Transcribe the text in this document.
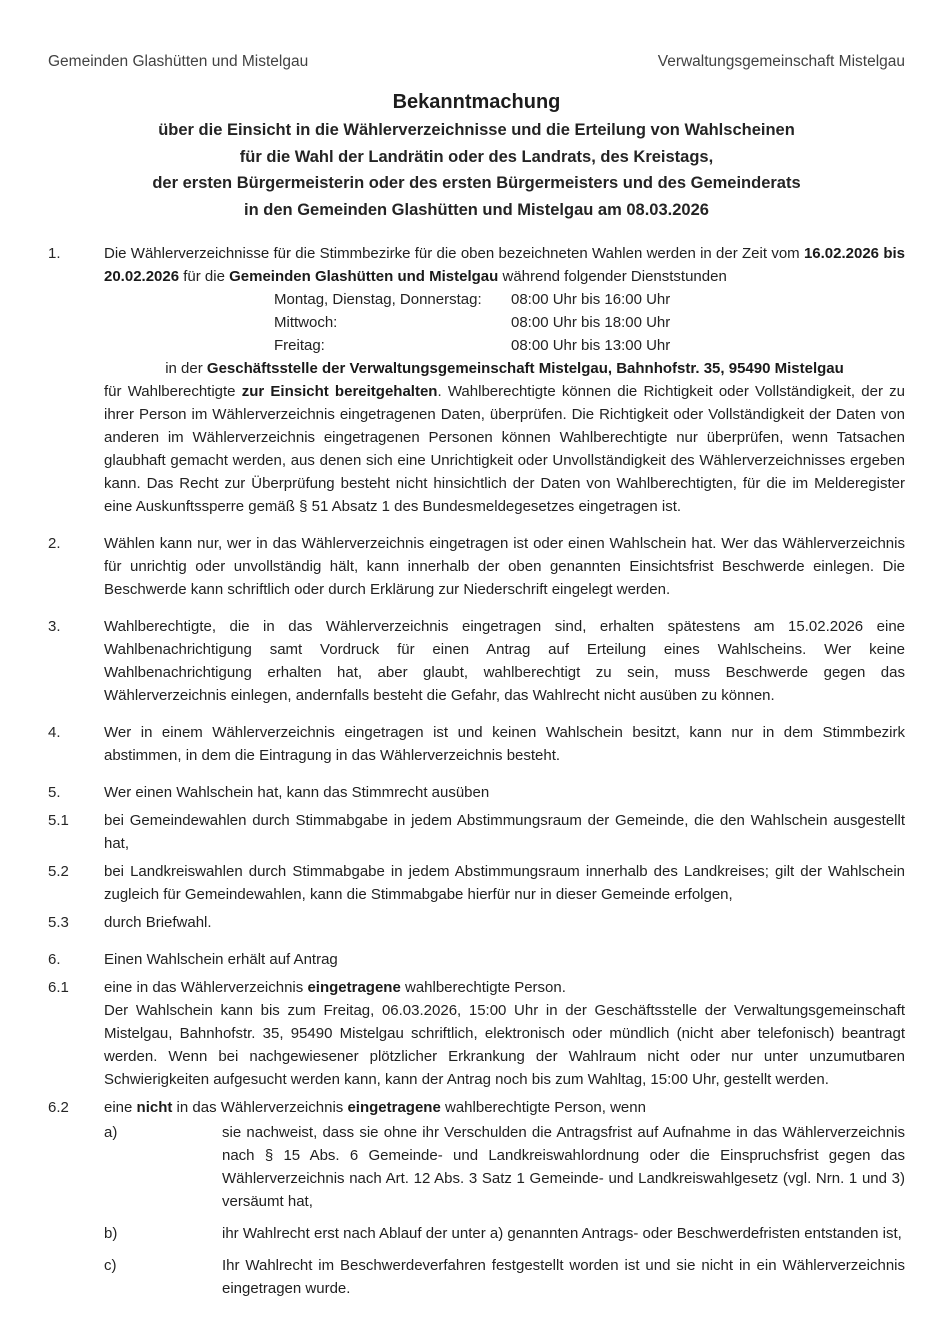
Gemeinden Glashütten und Mistelgau	Verwaltungsgemeinschaft Mistelgau
Bekanntmachung
über die Einsicht in die Wählerverzeichnisse und die Erteilung von Wahlscheinen
für die Wahl der Landrätin oder des Landrats, des Kreistags,
der ersten Bürgermeisterin oder des ersten Bürgermeisters und des Gemeinderats
in den Gemeinden Glashütten und Mistelgau am 08.03.2026
1.	Die Wählerverzeichnisse für die Stimmbezirke für die oben bezeichneten Wahlen werden in der Zeit vom 16.02.2026 bis 20.02.2026 für die Gemeinden Glashütten und Mistelgau während folgender Dienststunden
Montag, Dienstag, Donnerstag:	08:00 Uhr bis 16:00 Uhr
Mittwoch:	08:00 Uhr bis 18:00 Uhr
Freitag:	08:00 Uhr bis 13:00 Uhr
in der Geschäftsstelle der Verwaltungsgemeinschaft Mistelgau, Bahnhofstr. 35, 95490 Mistelgau
für Wahlberechtigte zur Einsicht bereitgehalten. Wahlberechtigte können die Richtigkeit oder Vollständigkeit, der zu ihrer Person im Wählerverzeichnis eingetragenen Daten, überprüfen. Die Richtigkeit oder Vollständigkeit der Daten von anderen im Wählerverzeichnis eingetragenen Personen können Wahlberechtigte nur überprüfen, wenn Tatsachen glaubhaft gemacht werden, aus denen sich eine Unrichtigkeit oder Unvollständigkeit des Wählerverzeichnisses ergeben kann. Das Recht zur Überprüfung besteht nicht hinsichtlich der Daten von Wahlberechtigten, für die im Melderegister eine Auskunftssperre gemäß § 51 Absatz 1 des Bundesmeldegesetzes eingetragen ist.
2.	Wählen kann nur, wer in das Wählerverzeichnis eingetragen ist oder einen Wahlschein hat. Wer das Wählerverzeichnis für unrichtig oder unvollständig hält, kann innerhalb der oben genannten Einsichtsfrist Beschwerde einlegen. Die Beschwerde kann schriftlich oder durch Erklärung zur Niederschrift eingelegt werden.
3.	Wahlberechtigte, die in das Wählerverzeichnis eingetragen sind, erhalten spätestens am 15.02.2026 eine Wahlbenachrichtigung samt Vordruck für einen Antrag auf Erteilung eines Wahlscheins. Wer keine Wahlbenachrichtigung erhalten hat, aber glaubt, wahlberechtigt zu sein, muss Beschwerde gegen das Wählerverzeichnis einlegen, andernfalls besteht die Gefahr, das Wahlrecht nicht ausüben zu können.
4.	Wer in einem Wählerverzeichnis eingetragen ist und keinen Wahlschein besitzt, kann nur in dem Stimmbezirk abstimmen, in dem die Eintragung in das Wählerverzeichnis besteht.
5.	Wer einen Wahlschein hat, kann das Stimmrecht ausüben
5.1	bei Gemeindewahlen durch Stimmabgabe in jedem Abstimmungsraum der Gemeinde, die den Wahlschein ausgestellt hat,
5.2	bei Landkreiswahlen durch Stimmabgabe in jedem Abstimmungsraum innerhalb des Landkreises; gilt der Wahlschein zugleich für Gemeindewahlen, kann die Stimmabgabe hierfür nur in dieser Gemeinde erfolgen,
5.3	durch Briefwahl.
6.	Einen Wahlschein erhält auf Antrag
6.1	eine in das Wählerverzeichnis eingetragene wahlberechtigte Person.
Der Wahlschein kann bis zum Freitag, 06.03.2026, 15:00 Uhr in der Geschäftsstelle der Verwaltungsgemeinschaft Mistelgau, Bahnhofstr. 35, 95490 Mistelgau schriftlich, elektronisch oder mündlich (nicht aber telefonisch) beantragt werden. Wenn bei nachgewiesener plötzlicher Erkrankung der Wahlraum nicht oder nur unter unzumutbaren Schwierigkeiten aufgesucht werden kann, kann der Antrag noch bis zum Wahltag, 15:00 Uhr, gestellt werden.
6.2	eine nicht in das Wählerverzeichnis eingetragene wahlberechtigte Person, wenn
a)	sie nachweist, dass sie ohne ihr Verschulden die Antragsfrist auf Aufnahme in das Wählerverzeichnis nach § 15 Abs. 6 Gemeinde- und Landkreiswahlordnung oder die Einspruchsfrist gegen das Wählerverzeichnis nach Art. 12 Abs. 3 Satz 1 Gemeinde- und Landkreiswahlgesetz (vgl. Nrn. 1 und 3) versäumt hat,
b)	ihr Wahlrecht erst nach Ablauf der unter a) genannten Antrags- oder Beschwerdefristen entstanden ist,
c)	Ihr Wahlrecht im Beschwerdeverfahren festgestellt worden ist und sie nicht in ein Wählerverzeichnis eingetragen wurde.
